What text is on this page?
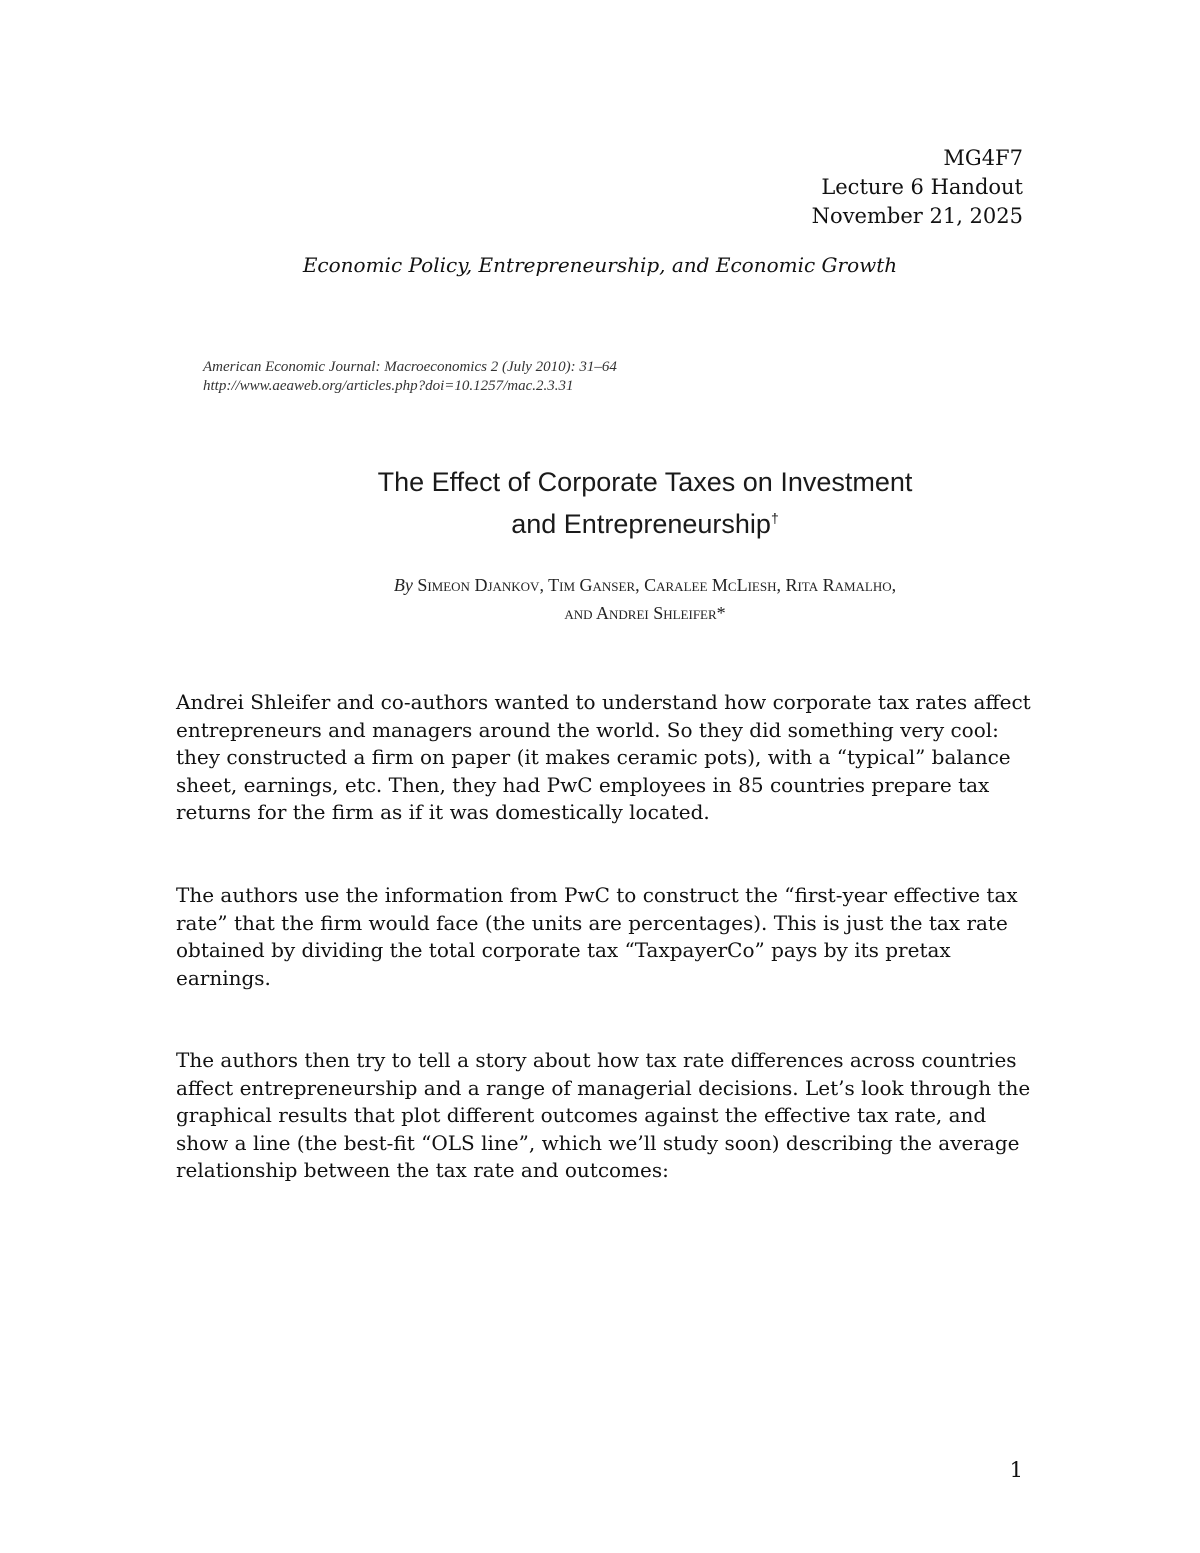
MG4F7
Lecture 6 Handout
November 21, 2025
Economic Policy, Entrepreneurship, and Economic Growth
American Economic Journal: Macroeconomics 2 (July 2010): 31–64
http://www.aeaweb.org/articles.php?doi=10.1257/mac.2.3.31
The Effect of Corporate Taxes on Investment
and Entrepreneurship†
By Simeon Djankov, Tim Ganser, Caralee McLiesh, Rita Ramalho,
and Andrei Shleifer*

Andrei Shleifer and co-authors wanted to understand how corporate tax rates affect entrepreneurs and managers around the world. So they did something very cool: they constructed a firm on paper (it makes ceramic pots), with a “typical” balance sheet, earnings, etc. Then, they had PwC employees in 85 countries prepare tax returns for the firm as if it was domestically located.

The authors use the information from PwC to construct the “first-year effective tax rate” that the firm would face (the units are percentages). This is just the tax rate obtained by dividing the total corporate tax “TaxpayerCo” pays by its pretax earnings.

The authors then try to tell a story about how tax rate differences across countries affect entrepreneurship and a range of managerial decisions. Let’s look through the graphical results that plot different outcomes against the effective tax rate, and show a line (the best-fit “OLS line”, which we’ll study soon) describing the average relationship between the tax rate and outcomes:

1
